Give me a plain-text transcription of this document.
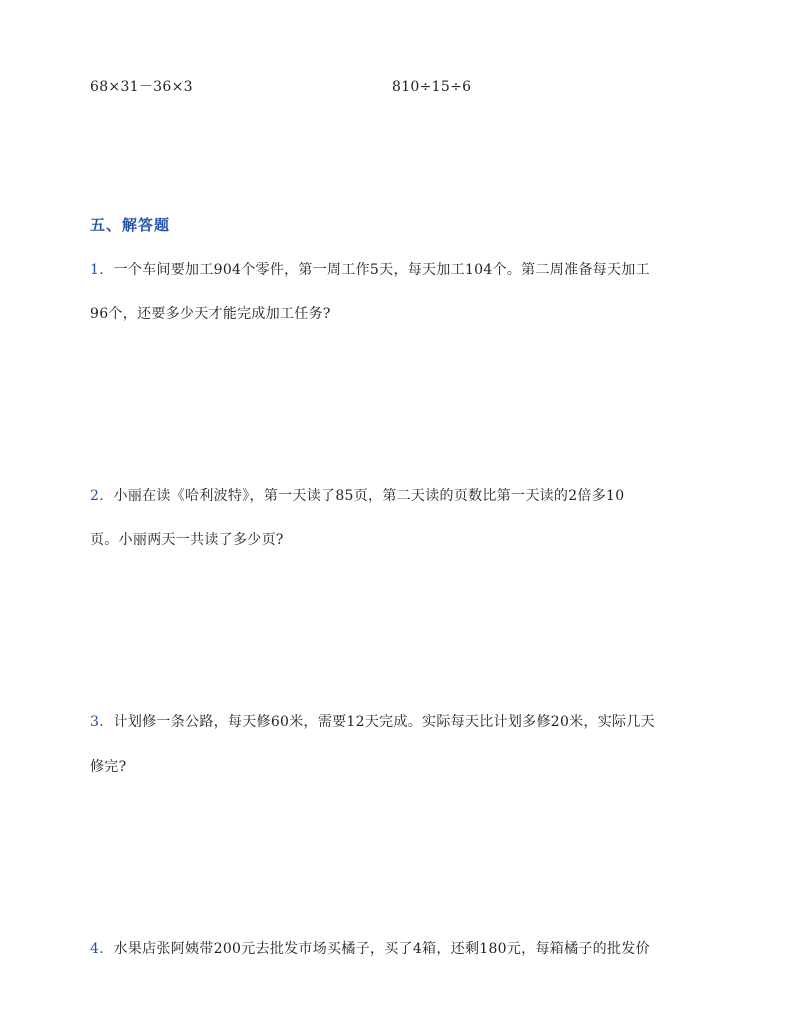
68×31－36×3	810÷15÷6
五、解答题
1．一个车间要加工904个零件，第一周工作5天，每天加工104个。第二周准备每天加工
96个，还要多少天才能完成加工任务?
2．小丽在读《哈利波特》，第一天读了85页，第二天读的页数比第一天读的2倍多10
页。小丽两天一共读了多少页?
3．计划修一条公路，每天修60米，需要12天完成。实际每天比计划多修20米，实际几天
修完?
4．水果店张阿姨带200元去批发市场买橘子，买了4箱，还剩180元，每箱橘子的批发价
